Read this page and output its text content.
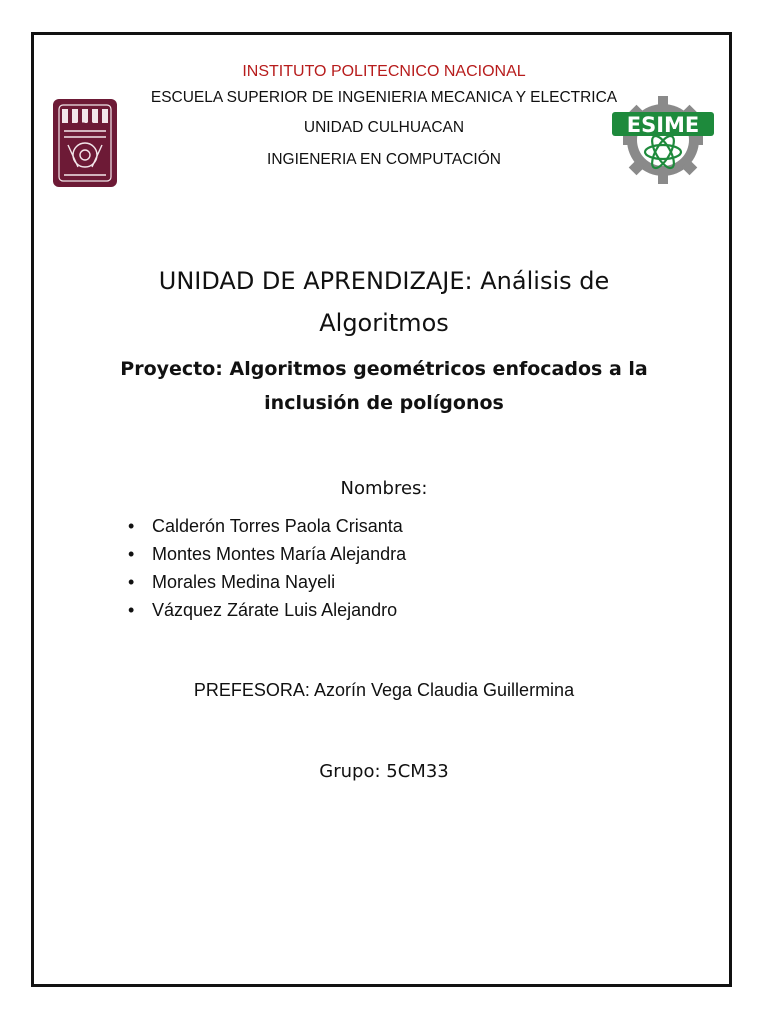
IPN	ESIME
INSTITUTO POLITECNICO NACIONAL
ESCUELA SUPERIOR DE INGENIERIA MECANICA Y ELECTRICA
UNIDAD CULHUACAN
INGIENERIA EN COMPUTACIÓN
UNIDAD DE APRENDIZAJE: Análisis de
Algoritmos
Proyecto: Algoritmos geométricos enfocados a la
inclusión de polígonos
Nombres:
• Calderón Torres Paola Crisanta
• Montes Montes María Alejandra
• Morales Medina Nayeli
• Vázquez Zárate Luis Alejandro
PREFESORA: Azorín Vega Claudia Guillermina
Grupo: 5CM33
